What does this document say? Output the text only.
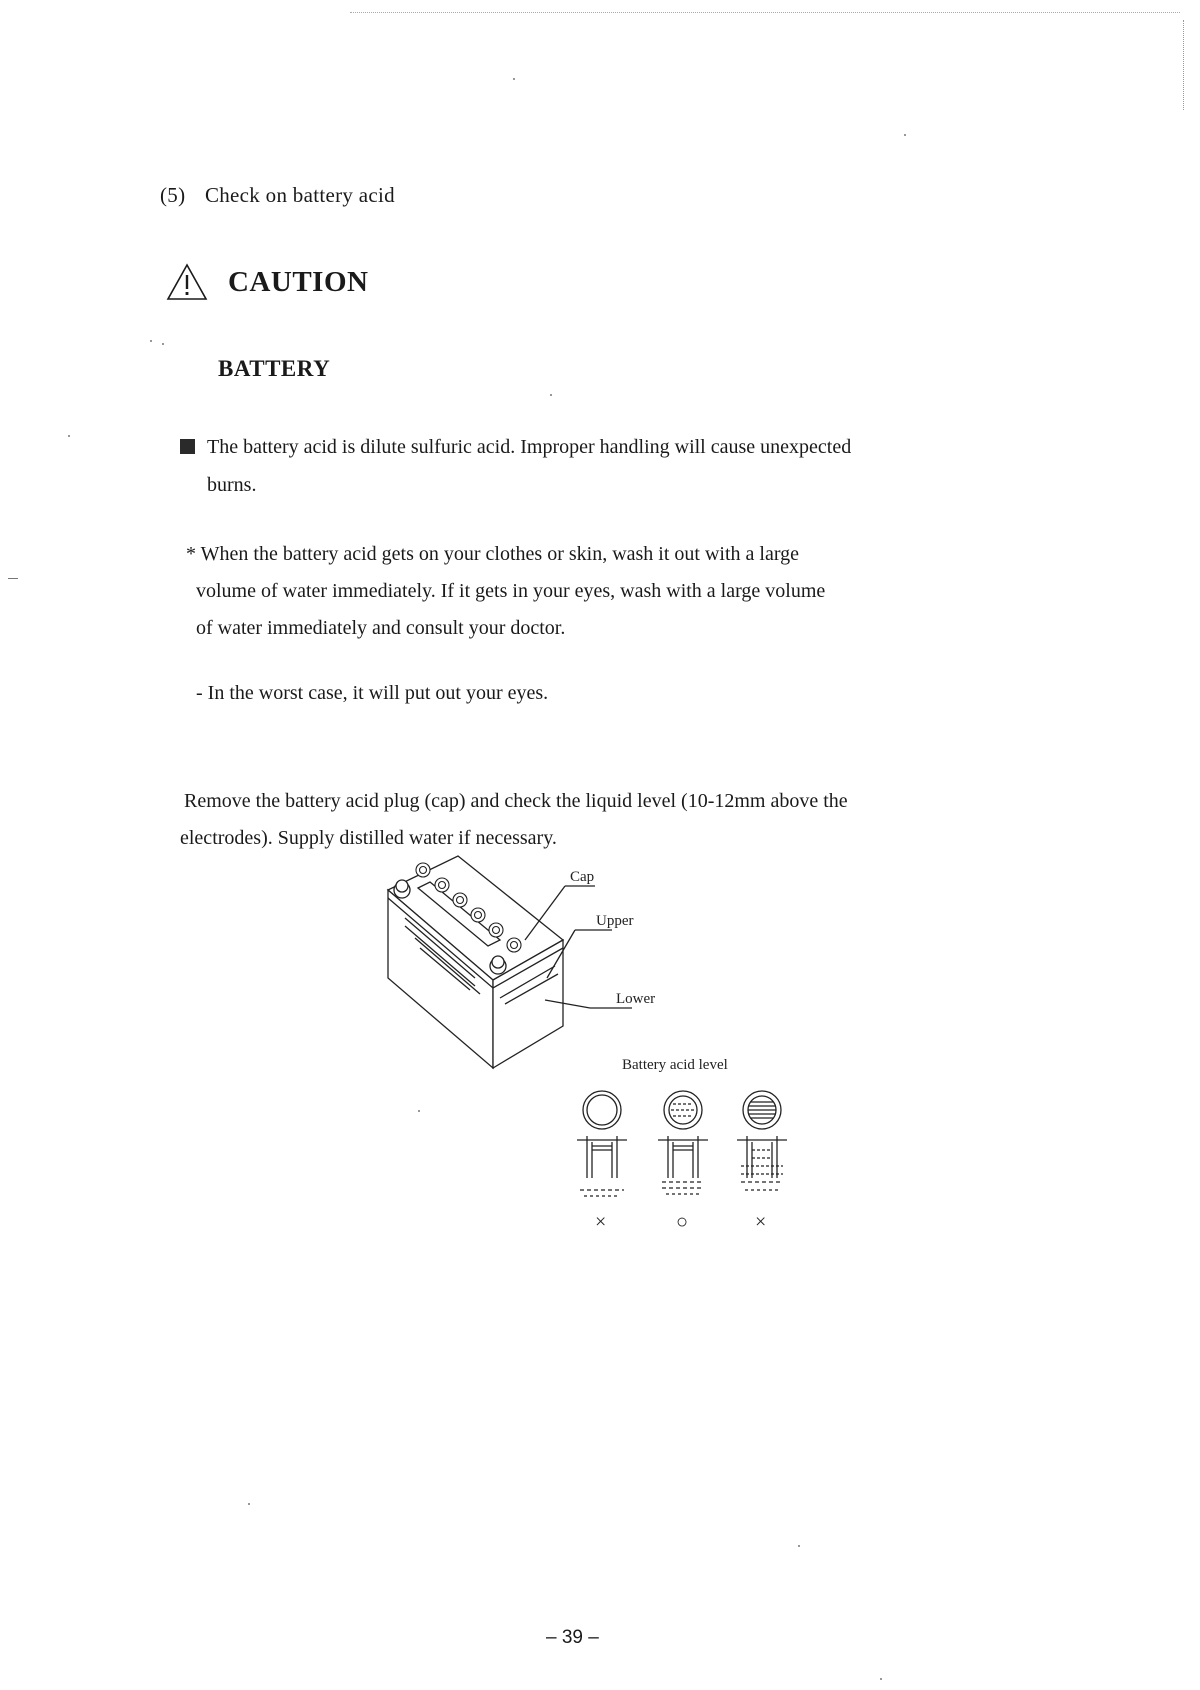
(5) Check on battery acid
CAUTION
BATTERY
The battery acid is dilute sulfuric acid. Improper handling will cause unexpected
burns.

* When the battery acid gets on your clothes or skin, wash it out with a large

volume of water immediately. If it gets in your eyes, wash with a large volume

of water immediately and consult your doctor.

- In the worst case, it will put out your eyes.

Remove the battery acid plug (cap) and check the liquid level (10-12mm above the

electrodes). Supply distilled water if necessary.

Cap
Upper
Lower
Battery acid level
×	○	×
– 39 –
